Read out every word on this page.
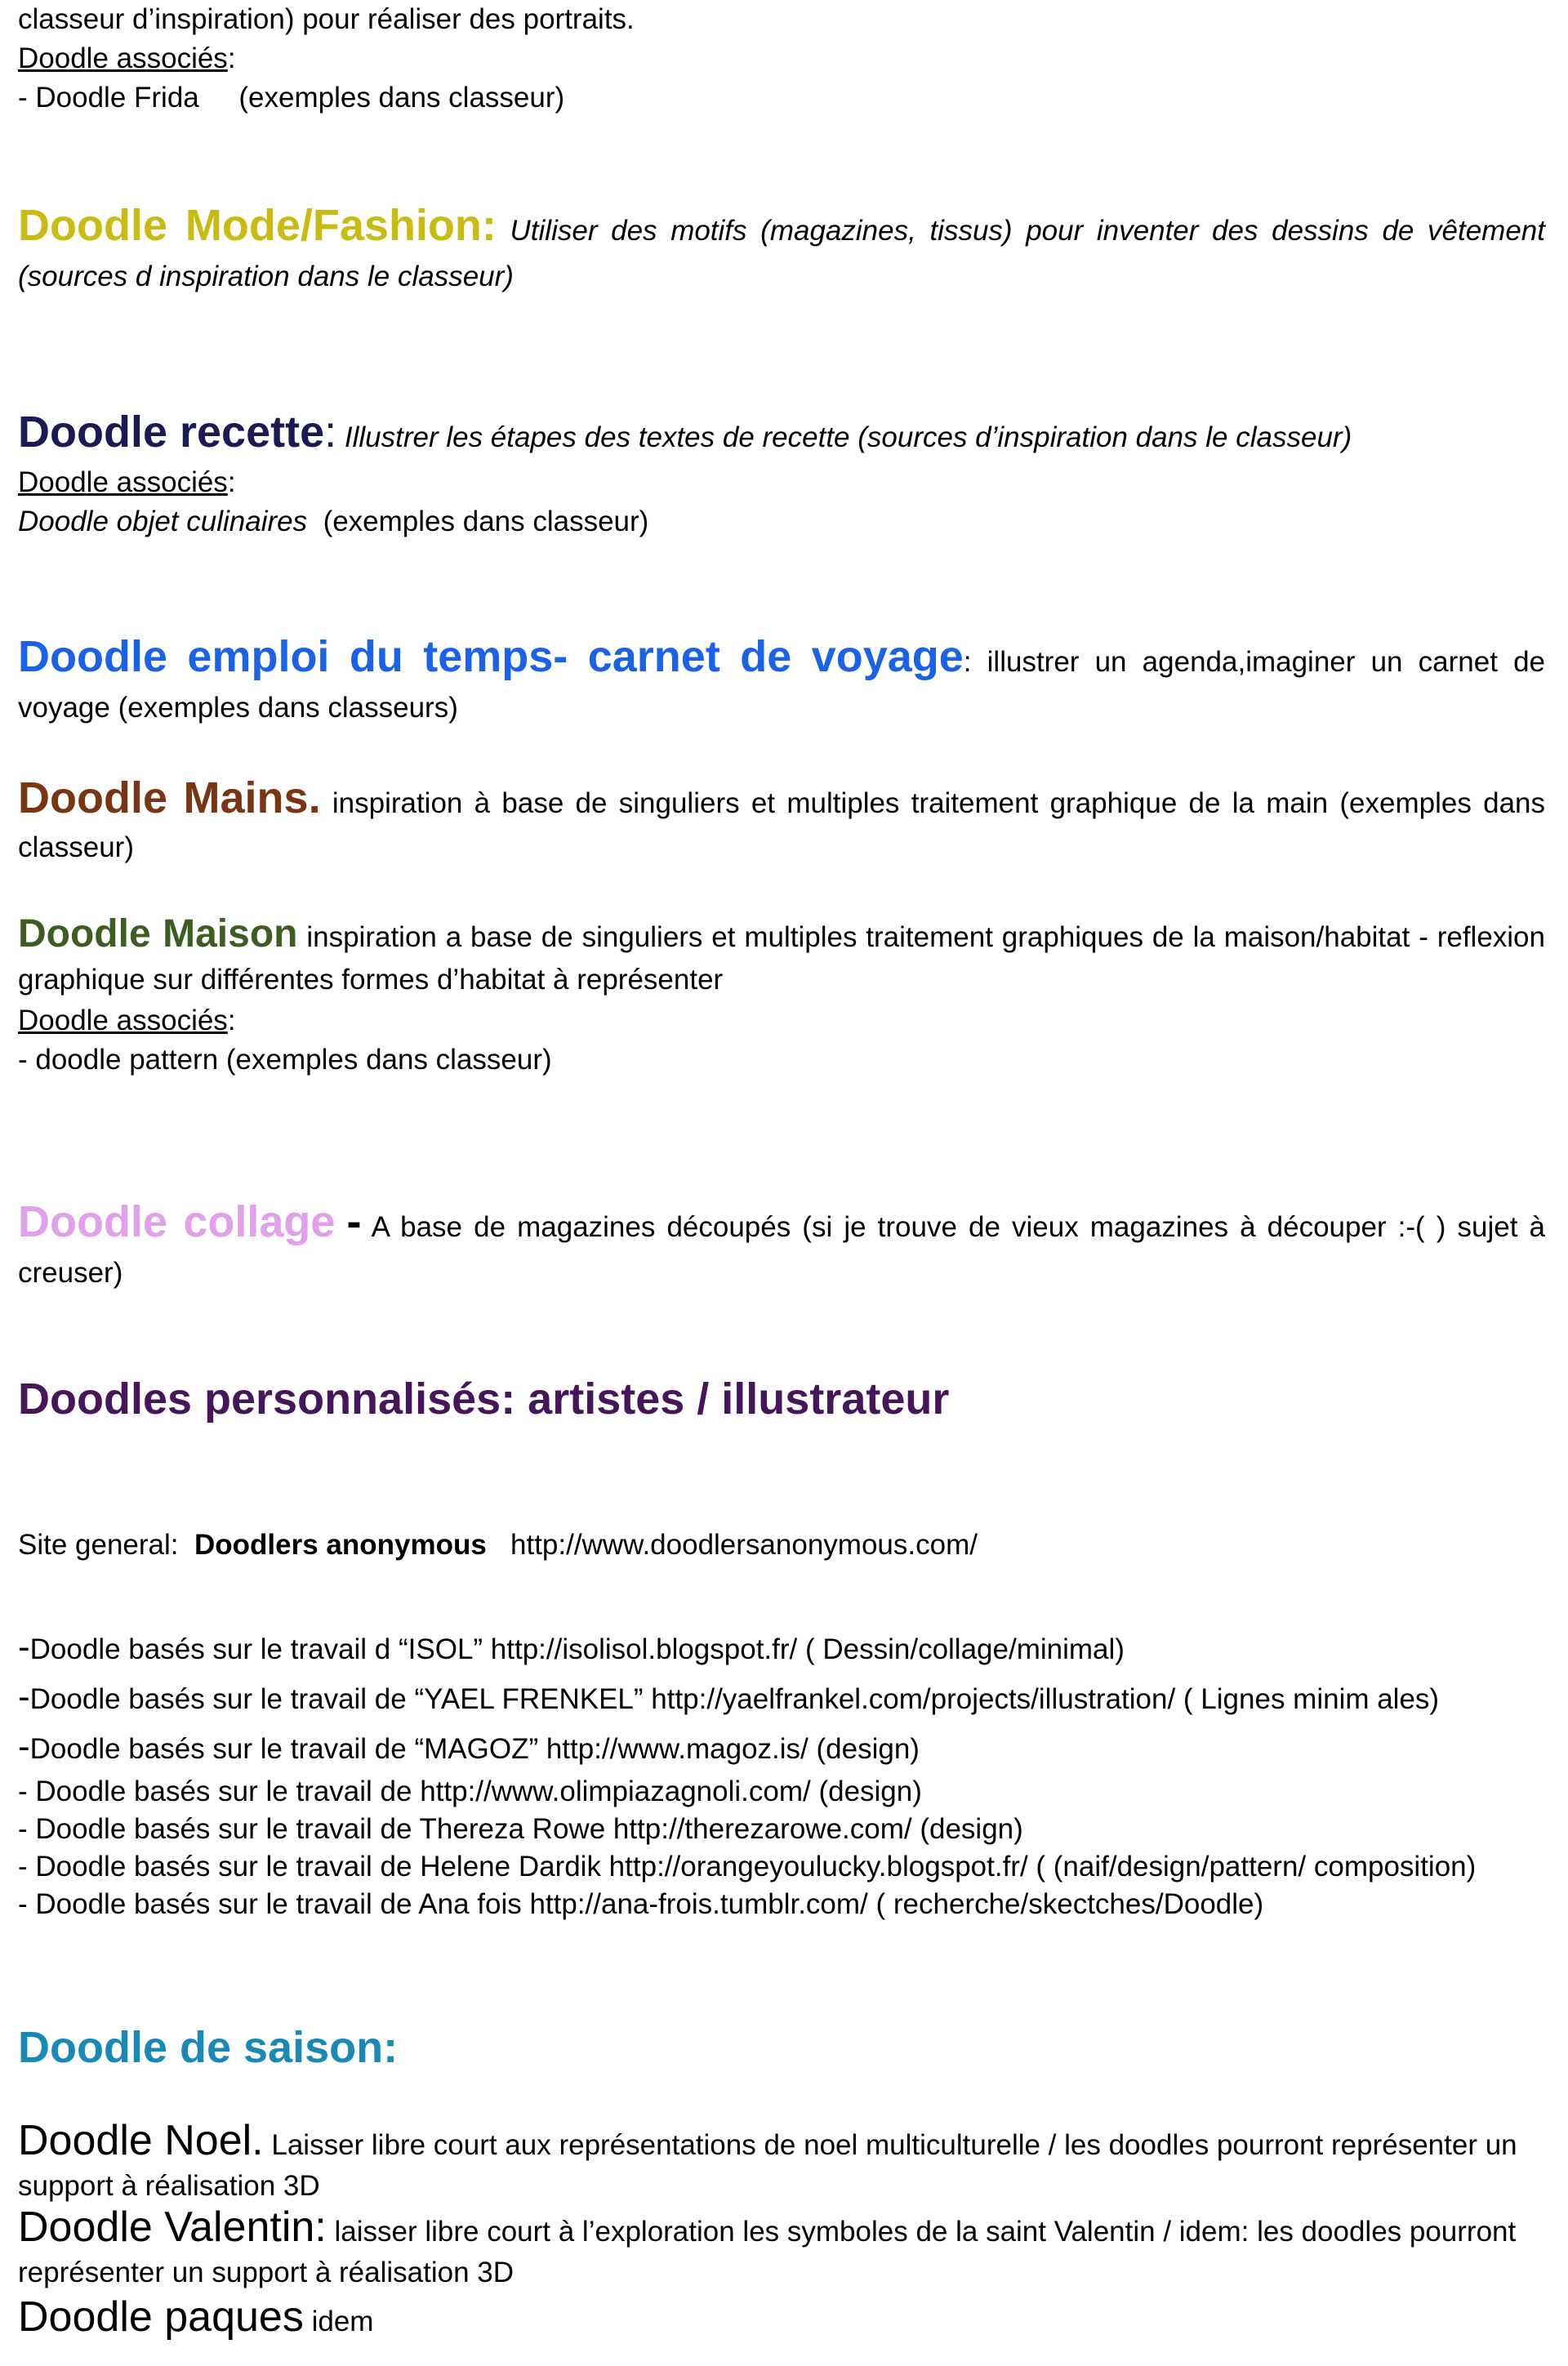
classeur d’inspiration) pour réaliser des portraits.

Doodle associés:

- Doodle Frida     (exemples dans classeur)

Doodle Mode/Fashion: Utiliser des motifs (magazines, tissus) pour inventer des dessins de vêtement (sources d inspiration dans le classeur)

Doodle recette: Illustrer les étapes des textes de recette (sources d’inspiration dans le classeur)

Doodle associés:

Doodle objet culinaires (exemples dans classeur)

Doodle emploi du temps- carnet de voyage: illustrer un agenda,imaginer un carnet de voyage (exemples dans classeurs)

Doodle Mains. inspiration à base de singuliers et multiples traitement graphique de la main (exemples dans classeur)

Doodle Maison inspiration a base de singuliers et multiples traitement graphiques de la maison/habitat - reflexion graphique sur différentes formes d’habitat à représenter

Doodle associés:

- doodle pattern (exemples dans classeur)

Doodle collage - A base de magazines découpés (si je trouve de vieux magazines à découper :-( ) sujet à creuser)

Doodles personnalisés: artistes / illustrateur

Site general: Doodlers anonymous http://www.doodlersanonymous.com/

-Doodle basés sur le travail d “ISOL” http://isolisol.blogspot.fr/ ( Dessin/collage/minimal)

-Doodle basés sur le travail de “YAEL FRENKEL” http://yaelfrankel.com/projects/illustration/ ( Lignes minim ales)

-Doodle basés sur le travail de “MAGOZ” http://www.magoz.is/ (design)

- Doodle basés sur le travail de http://www.olimpiazagnoli.com/ (design)

- Doodle basés sur le travail de Thereza Rowe http://therezarowe.com/ (design)

- Doodle basés sur le travail de Helene Dardik http://orangeyoulucky.blogspot.fr/ ( (naif/design/pattern/ composition)

- Doodle basés sur le travail de Ana fois http://ana-frois.tumblr.com/ ( recherche/skectches/Doodle)

Doodle de saison:

Doodle Noel. Laisser libre court aux représentations de noel multiculturelle / les doodles pourront représenter un support à réalisation 3D

Doodle Valentin: laisser libre court à l’exploration les symboles de la saint Valentin / idem: les doodles pourront représenter un support à réalisation 3D

Doodle paques idem
